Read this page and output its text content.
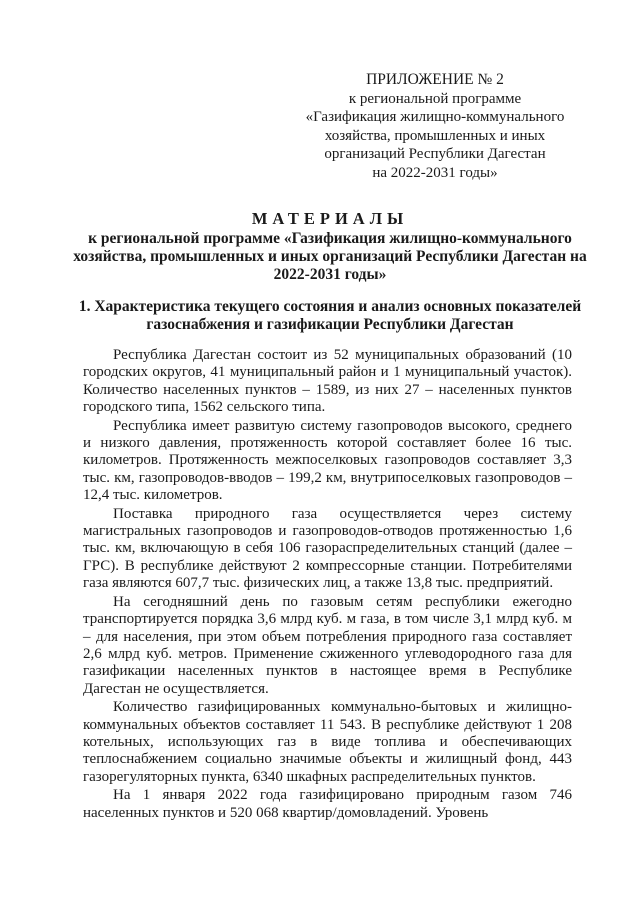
ПРИЛОЖЕНИЕ № 2
к региональной программе
«Газификация жилищно-коммунального
хозяйства, промышленных и иных
организаций Республики Дагестан
на 2022-2031 годы»
МАТЕРИАЛЫ
к региональной программе «Газификация жилищно-коммунального хозяйства, промышленных и иных организаций Республики Дагестан на 2022-2031 годы»
1. Характеристика текущего состояния и анализ основных показателей газоснабжения и газификации Республики Дагестан

Республика Дагестан состоит из 52 муниципальных образований (10 городских округов, 41 муниципальный район и 1 муниципальный участок). Количество населенных пунктов – 1589, из них 27 – населенных пунктов городского типа, 1562 сельского типа.

Республика имеет развитую систему газопроводов высокого, среднего и низкого давления, протяженность которой составляет более 16 тыс. километров. Протяженность межпоселковых газопроводов составляет 3,3 тыс. км, газопроводов-вводов – 199,2 км, внутрипоселковых газопроводов – 12,4 тыс. километров.

Поставка природного газа осуществляется через систему магистральных газопроводов и газопроводов-отводов протяженностью 1,6 тыс. км, включающую в себя 106 газораспределительных станций (далее – ГРС). В республике действуют 2 компрессорные станции. Потребителями газа являются 607,7 тыс. физических лиц, а также 13,8 тыс. предприятий.

На сегодняшний день по газовым сетям республики ежегодно транспортируется порядка 3,6 млрд куб. м газа, в том числе 3,1 млрд куб. м – для населения, при этом объем потребления природного газа составляет 2,6 млрд куб. метров. Применение сжиженного углеводородного газа для газификации населенных пунктов в настоящее время в Республике Дагестан не осуществляется.

Количество газифицированных коммунально-бытовых и жилищно-коммунальных объектов составляет 11 543. В республике действуют 1 208 котельных, использующих газ в виде топлива и обеспечивающих теплоснабжением социально значимые объекты и жилищный фонд, 443 газорегуляторных пункта, 6340 шкафных распределительных пунктов.

На 1 января 2022 года газифицировано природным газом 746 населенных пунктов и 520 068 квартир/домовладений. Уровень
